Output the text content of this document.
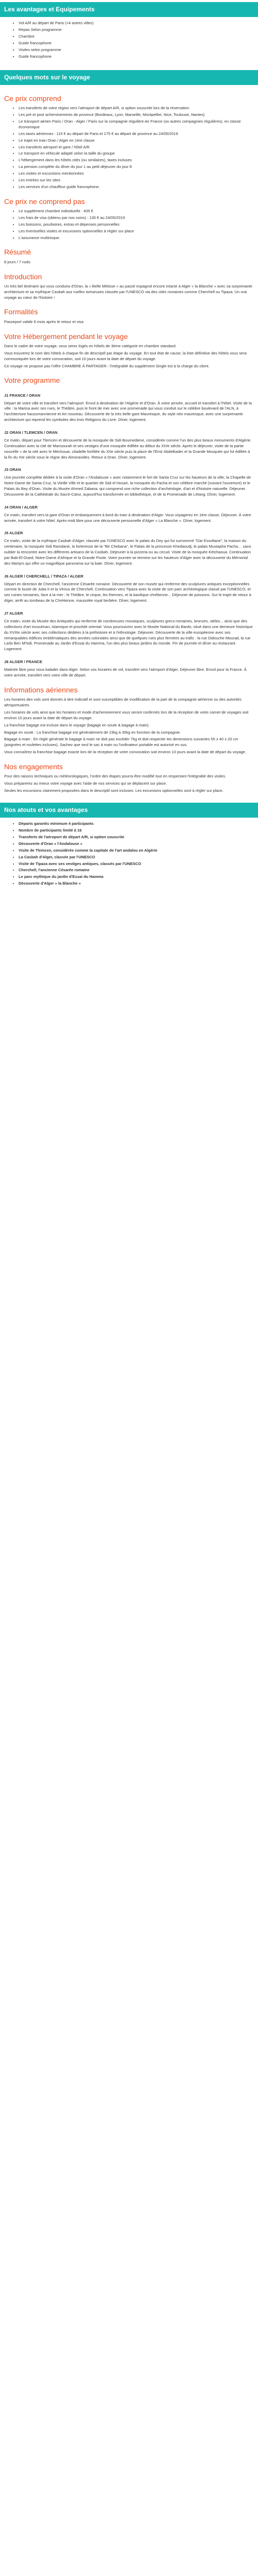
Les avantages et Equipements
• Vol A/R au départ de Paris (+4 autres villes)
• Repas Selon programme
• Chambre
• Guide francophone
• Visites selon programme
• Guide francophone
Quelques mots sur le voyage
Ce prix comprend
• Les transferts de votre région vers l'aéroport de départ A/R, si option souscrite lors de la réservation
• Les pré et post acheminements de province (Bordeaux, Lyon, Marseille, Montpellier, Nice, Toulouse, Nantes)
• Le transport aérien Paris / Oran - Alger / Paris sur la compagnie régulière Air France (ou autres compagnies régulières), en classe économique
• Les taxes aériennes : 115 € au départ de Paris et 175 € au départ de province au 24/05/2019
• Le trajet en train Oran / Alger en 1ère classe
• Les transferts aéroport et gare / hôtel A/R
• Le transport en véhicule adapté selon la taille du groupe
• L'hébergement dans les hôtels cités (ou similaires), taxes incluses
• La pension complète du dîner du jour 1 au petit déjeuner du jour 8
• Les visites et excursions mentionnées
• Les entrées sur les sites
• Les services d'un chauffeur guide francophone.
Ce prix ne comprend pas
• Le supplément chambre individuelle : 405 €
• Les frais de visa (obtenu par nos soins) : 130 € au 24/05/2019
• Les boissons, pourboires, extras et dépenses personnelles
• Les éventuelles visites et excursions optionnelles à régler sur place
• L'assurance multirisque.
Résumé

8 jours / 7 nuits

Introduction

Un très bel itinéraire qui vous conduira d'Oran, la « Belle Métisse » au passé espagnol encore intacte à Alger « la Blanche » avec sa surprenante architecture et sa mythique Casbah aux ruelles tortueuses classée par l'UNESCO via des cités romaines comme Cherchell ou Tipaza. Un vrai voyage au cœur de l'histoire !

Formalités

Passeport valide 6 mois après le retour et visa

Votre Hébergement pendant le voyage

Dans le cadre de votre voyage, vous serez logés en hôtels de 3ème catégorie en chambre standard.

Vous trouverez le nom des hôtels à chaque fin de descriptif par étape du voyage. En tout état de cause, la liste définitive des hôtels vous sera communiquée lors de votre convocation, soit 10 jours avant la date de départ du voyage.

Ce voyage ne propose pas l'offre CHAMBRE À PARTAGER : l'intégralité du supplément Single est à la charge du client.

Votre programme
J1 FRANCE / ORAN

Départ de votre ville et transfert vers l'aéroport. Envol à destination de l'Algérie et d'Oran. À votre arrivée, accueil et transfert à l'hôtel. Visite de la ville : la Marina avec ses rues, le Théâtre, puis le front de mer avec une promenade qui vous conduit sur le célèbre boulevard de l'ALN, à l'architecture haussmannienne et Art nouveau. Découverte de la très belle gare Mauresque, du style néo mauresque, avec une surprenante architecture qui reprend les symboles des trois Religions du Livre. Dîner, logement.

J2 ORAN / TLEMCEN / ORAN

Ce matin, départ pour Tlemcen et découverte de la mosquée de Sidi Boumediene, considérée comme l'un des plus beaux monuments d'Algérie. Continuation avec la cité de Mansourah et ses vestiges d'une mosquée édifiée au début du XIVe siècle. Après le déjeuner, visite de la partie nouvelle « de la cité avec le Méchouar, citadelle fortifiée du XIIe siècle puis la place de l'Émir Abdelkader et la Grande Mosquée qui fut édifiée à la fin du XIe siècle sous le règne des Almoravides. Retour à Oran. Dîner, logement.

J3 ORAN

Une journée complète dédiée à la visite d'Oran « l'Andalouse » avec notamment le fort de Santa Cruz sur les hauteurs de la ville, la Chapelle de Notre-Dame de Santa Cruz, la Vieille Ville et le quartier de Sidi el Houari, la mosquée du Pacha et son célèbre marché (suivant l'ouverture) et le Palais du Bey d'Oran. Visite du Musée Ahmed Zabana, qui comprend une riche collection d'archéologie, d'art et d'histoire naturelle. Déjeuner. Découverte de la Cathédrale du Sacré-Cœur, aujourd'hui transformée en bibliothèque, et de la Promenade de Létang. Dîner, logement.

J4 ORAN / ALGER

Ce matin, transfert vers la gare d'Oran et embarquement à bord du train à destination d'Alger. Vous voyagerez en 1ère classe. Déjeuner. À votre arrivée, transfert à votre hôtel. Après-midi libre pour une découverte personnelle d'Alger « La Blanche ». Dîner, logement.

J5 ALGER

Ce matin, visite de la mythique Casbah d'Alger, classée par l'UNESCO avec le palais du Dey qui fut surnommé "Dar Essoltane", la maison du centenaire, la mosquée Sidi Ramdane, la forteresse de la "Bir Chebana", le Palais de la princesse Khedaoudj, le palais Mustapha Pacha… sans oublier la rencontre avec les différents artisans de la Casbah. Déjeuner à la pizzeria ou au circuit. Visite de la mosquée Ketchaoua. Continuation par Bab-El-Oued, Notre-Dame d'Afrique et la Grande Poste. Votre journée se termine sur les hauteurs d'Alger avec la découverte du Mémorial des Martyrs qui offre un magnifique panorama sur la baie. Dîner, logement.

J6 ALGER / CHERCHELL / TIPAZA / ALGER

Départ en direction de Cherchell, l'ancienne Césarée romaine. Découverte de son musée qui renferme des sculptures antiques exceptionnelles comme le buste de Juba II et la Vénus de Cherchell. Continuation vers Tipaza avec la visite de son parc archéologique classé par l'UNESCO, et ses ruines romaines, face à la mer : le Théâtre, le cirque, les thermes, et la basilique chrétienne... Déjeuner de poissons. Sur le trajet de retour à Alger, arrêt au tombeau de la Chrétienne, mausolée royal berbère. Dîner, logement.

J7 ALGER

Ce matin, visite du Musée des Antiquités qui renferme de nombreuses mosaïques, sculptures grecs-romaines, bronzes, stèles... ainsi que des collections d'art musulman, islamique et procède oriental. Vous poursuivrez avec le Musée National du Bardo, situé dans une demeure historique du XVIIIe siècle avec ses collections dédiées à la préhistoire et à l'ethnologie. Déjeuner. Découverte de la ville européenne avec ses remarquables édifices emblématiques des années coloniales ainsi que de quelques rues plus fermées au trafic : la rue Didouche Mourad, la rue Larbi Ben M'hidi. Promenade au Jardin d'Essai du Hamma, l'un des plus beaux jardins du monde. Fin de journée et dîner au restaurant. Logement.

J8 ALGER / FRANCE

Matinée libre pour vous balader dans Alger. Selon vos horaires de vol, transfert vers l'aéroport d'Alger. Déjeuner libre. Envol pour la France. À votre arrivée, transfert vers votre ville de départ.

Informations aériennes

Les horaires des vols sont donnés à titre indicatif et sont susceptibles de modification de la part de la compagnie aérienne ou des autorités aéroportuaires.

Les horaires de vols ainsi que les horaires et mode d'acheminement vous seront confirmés lors de la réception de votre carnet de voyages soit environ 10 jours avant la date de départ du voyage.

La franchise bagage est incluse dans le voyage (bagage en soute & bagage à main).

Bagage en soute : La franchise bagage est généralement de 23kg à 30kg en fonction de la compagnie.

Bagage à main : En règle générale le bagage à main ne doit pas excéder 7kg et doit respecter les dimensions suivantes 55 x 40 x 20 cm (poignées et roulettes incluses). Sachez que seul le sac à main ou l'ordinateur portable est autorisé en sus.

Vous connaîtrez la franchise bagage exacte lors de la réception de votre convocation soit environ 10 jours avant la date de départ du voyage.

Nos engagements

Pour des raisons techniques ou météorologiques, l'ordre des étapes pourra être modifié tout en respectant l'intégralité des visites.

Vous préparerez au mieux votre voyage avec l'aide de nos services qui se déplacent sur place.

Seules les excursions clairement proposées dans le descriptif sont incluses. Les excursions optionnelles sont à régler sur place.

Nos atouts et vos avantages
• Départs garantis minimum 4 participants
• Nombre de participants limité à 16
• Transferts de l'aéroport de départ A/R, si option souscrite
• Découverte d'Oran « l'Andalouse »
• Visite de Tlemcen, considérée comme la capitale de l'art andalou en Algérie
• La Casbah d'Alger, classée par l'UNESCO
• Visite de Tipaza avec ses vestiges antiques, classés par l'UNESCO
• Cherchell, l'ancienne Césarée romaine
• Le parc mythique du jardin d'Essai du Hamma
• Découverte d'Alger « la Blanche »
